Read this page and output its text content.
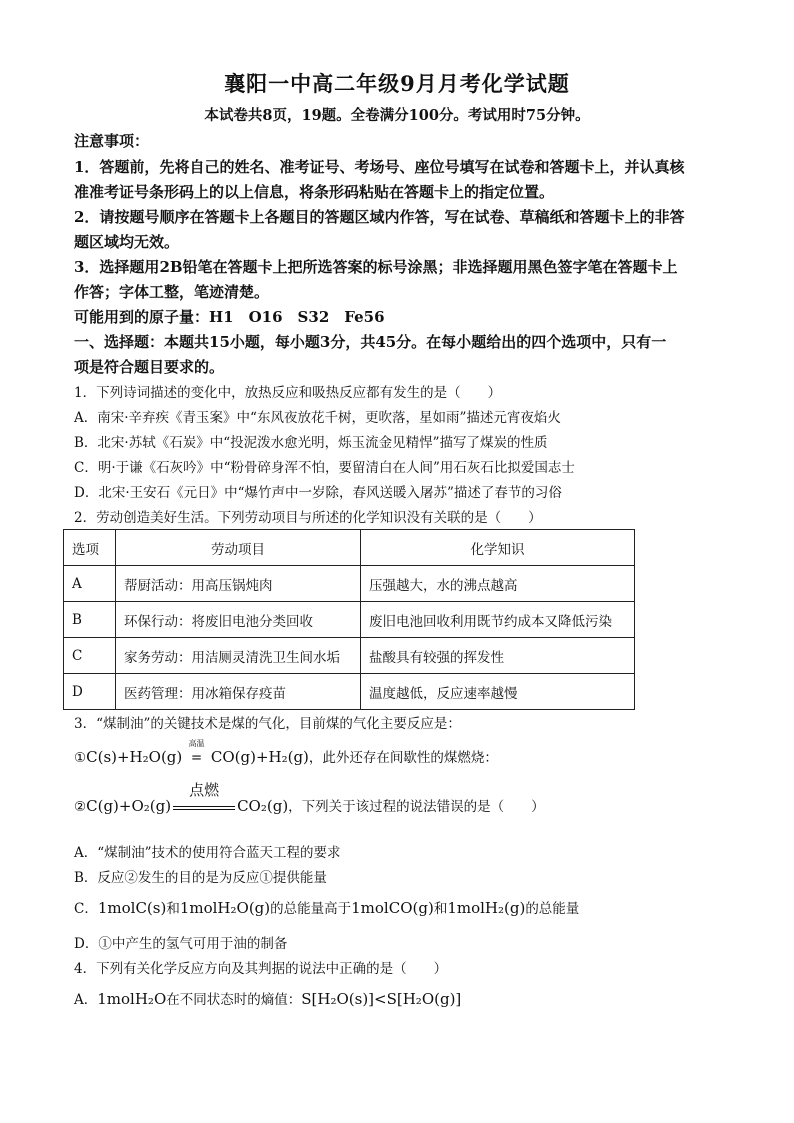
襄阳一中高二年级9月月考化学试题
本试卷共8页，19题。全卷满分100分。考试用时75分钟。
注意事项：
1．答题前，先将自己的姓名、准考证号、考场号、座位号填写在试卷和答题卡上，并认真核
准准考证号条形码上的以上信息，将条形码粘贴在答题卡上的指定位置。
2．请按题号顺序在答题卡上各题目的答题区域内作答，写在试卷、草稿纸和答题卡上的非答
题区域均无效。
3．选择题用2B铅笔在答题卡上把所选答案的标号涂黑；非选择题用黑色签字笔在答题卡上
作答；字体工整，笔迹清楚。
可能用到的原子量：H1　O16　S32　Fe56
一、选择题：本题共15小题，每小题3分，共45分。在每小题给出的四个选项中，只有一
项是符合题目要求的。
1．下列诗词描述的变化中，放热反应和吸热反应都有发生的是（　　）
A．南宋·辛弃疾《青玉案》中“东风夜放花千树，更吹落，星如雨”描述元宵夜焰火
B．北宋·苏轼《石炭》中“投泥泼水愈光明，烁玉流金见精悍”描写了煤炭的性质
C．明·于谦《石灰吟》中“粉骨碎身浑不怕，要留清白在人间”用石灰石比拟爱国志士
D．北宋·王安石《元日》中“爆竹声中一岁除，春风送暖入屠苏”描述了春节的习俗
2．劳动创造美好生活。下列劳动项目与所述的化学知识没有关联的是（　　）
选项	劳动项目	化学知识
A	帮厨活动：用高压锅炖肉	压强越大，水的沸点越高
B	环保行动：将废旧电池分类回收	废旧电池回收利用既节约成本又降低污染
C	家务劳动：用洁厕灵清洗卫生间水垢	盐酸具有较强的挥发性
D	医药管理：用冰箱保存疫苗	温度越低，反应速率越慢
3．“煤制油”的关键技术是煤的气化，目前煤的气化主要反应是：
①C(s)+H₂O(g)
高温
= CO(g)+H₂(g)，此外还存在间歇性的煤燃烧：
②C(g)+O₂(g)
点燃
CO₂(g)，下列关于该过程的说法错误的是（　　）
A．“煤制油”技术的使用符合蓝天工程的要求
B．反应②发生的目的是为反应①提供能量
C．1molC(s)和1molH₂O(g)的总能量高于1molCO(g)和1molH₂(g)的总能量
D．①中产生的氢气可用于油的制备
4．下列有关化学反应方向及其判据的说法中正确的是（　　）
A．1molH₂O在不同状态时的熵值：S[H₂O(s)]<S[H₂O(g)]
